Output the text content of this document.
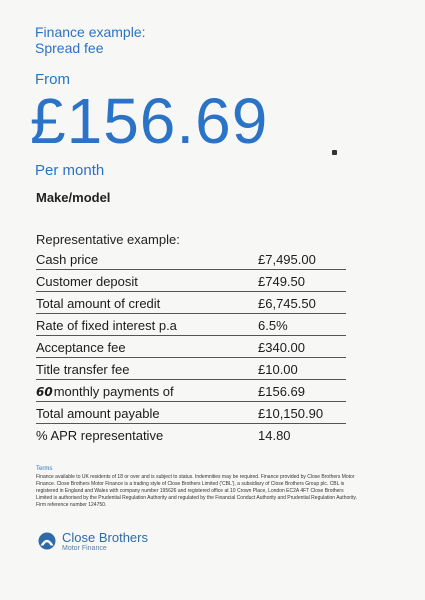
Finance example:
Spread fee
From
£156.69
Per month
Make/model
Representative example:
Cash price	£7,495.00
Customer deposit	£749.50
Total amount of credit	£6,745.50
Rate of fixed interest p.a	6.5%
Acceptance fee	£340.00
Title transfer fee	£10.00
60monthly payments of	£156.69
Total amount payable	£10,150.90
% APR representative	14.80
Terms
Finance available to UK residents of 18 or over and is subject to status. Indemnities may be required. Finance provided by Close Brothers Motor Finance. Close Brothers Motor Finance is a trading style of Close Brothers Limited ('CBL'), a subsidiary of Close Brothers Group plc. CBL is registered in England and Wales with company number 195626 and registered office at 10 Crown Place, London EC2A 4FT Close Brothers Limited is authorised by the Prudential Regulation Authority and regulated by the Financial Conduct Authority and Prudential Regulation Authority. Firm reference number 124750.
Close Brothers
Motor Finance
